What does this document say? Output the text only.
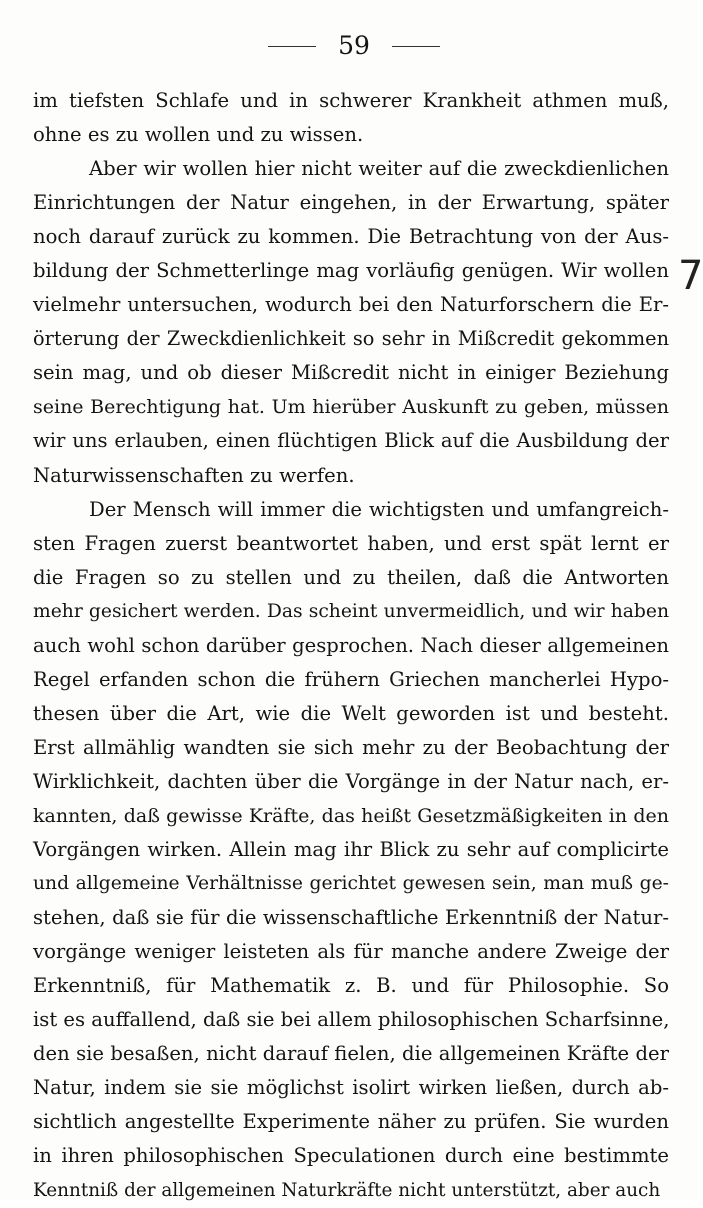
59
im tiefsten Schlafe und in schwerer Krankheit athmen muß,
ohne es zu wollen und zu wissen.
Aber wir wollen hier nicht weiter auf die zweckdienlichen
Einrichtungen der Natur eingehen, in der Erwartung, später
noch darauf zurück zu kommen. Die Betrachtung von der Aus-
bildung der Schmetterlinge mag vorläufig genügen. Wir wollen
vielmehr untersuchen, wodurch bei den Naturforschern die Er-
örterung der Zweckdienlichkeit so sehr in Mißcredit gekommen
sein mag, und ob dieser Mißcredit nicht in einiger Beziehung
seine Berechtigung hat. Um hierüber Auskunft zu geben, müssen
wir uns erlauben, einen flüchtigen Blick auf die Ausbildung der
Naturwissenschaften zu werfen.
Der Mensch will immer die wichtigsten und umfangreich-
sten Fragen zuerst beantwortet haben, und erst spät lernt er
die Fragen so zu stellen und zu theilen, daß die Antworten
mehr gesichert werden. Das scheint unvermeidlich, und wir haben
auch wohl schon darüber gesprochen. Nach dieser allgemeinen
Regel erfanden schon die frühern Griechen mancherlei Hypo-
thesen über die Art, wie die Welt geworden ist und besteht.
Erst allmählig wandten sie sich mehr zu der Beobachtung der
Wirklichkeit, dachten über die Vorgänge in der Natur nach, er-
kannten, daß gewisse Kräfte, das heißt Gesetzmäßigkeiten in den
Vorgängen wirken. Allein mag ihr Blick zu sehr auf complicirte
und allgemeine Verhältnisse gerichtet gewesen sein, man muß ge-
stehen, daß sie für die wissenschaftliche Erkenntniß der Natur-
vorgänge weniger leisteten als für manche andere Zweige der
Erkenntniß, für Mathematik z. B. und für Philosophie. So
ist es auffallend, daß sie bei allem philosophischen Scharfsinne,
den sie besaßen, nicht darauf fielen, die allgemeinen Kräfte der
Natur, indem sie sie möglichst isolirt wirken ließen, durch ab-
sichtlich angestellte Experimente näher zu prüfen. Sie wurden
in ihren philosophischen Speculationen durch eine bestimmte
Kenntniß der allgemeinen Naturkräfte nicht unterstützt, aber auch
7
